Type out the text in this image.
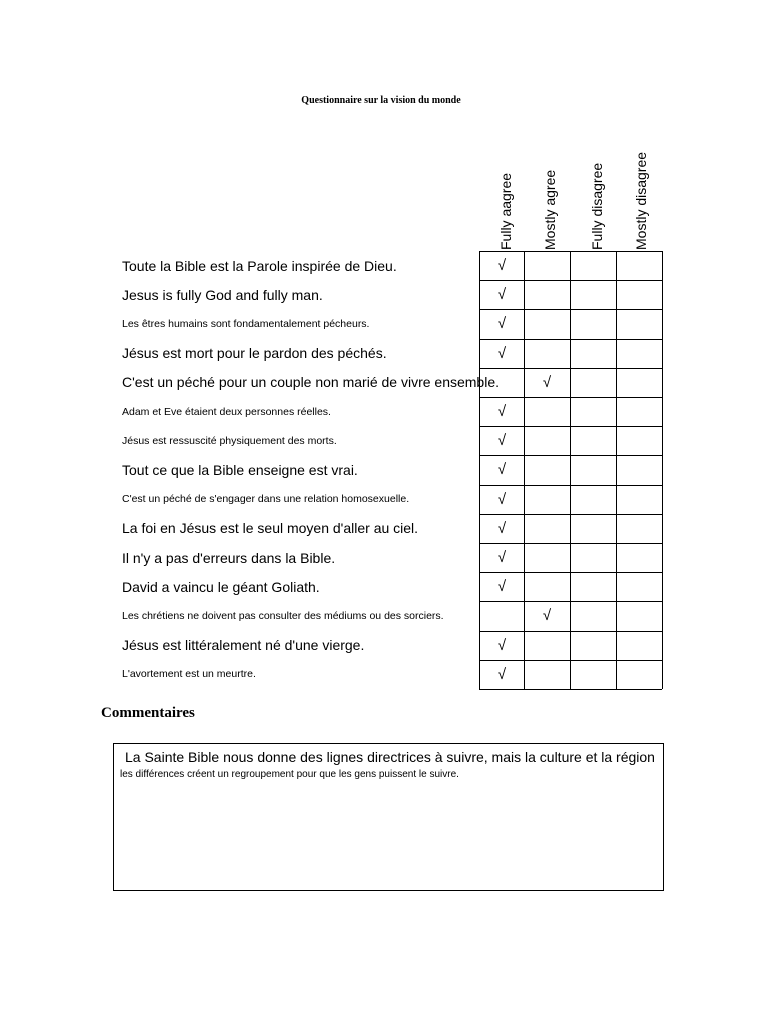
Questionnaire sur la vision du monde
Fully aagree Mostly agree Fully disagree Mostly disagree
Toute la Bible est la Parole inspirée de Dieu.
Jesus is fully God and fully man.
Les êtres humains sont fondamentalement pécheurs.
Jésus est mort pour le pardon des péchés.
C'est un péché pour un couple non marié de vivre ensemble.
Adam et Eve étaient deux personnes réelles.
Jésus est ressuscité physiquement des morts.
Tout ce que la Bible enseigne est vrai.
C'est un péché de s'engager dans une relation homosexuelle.
La foi en Jésus est le seul moyen d'aller au ciel.
Il n'y a pas d'erreurs dans la Bible.
David a vaincu le géant Goliath.
Les chrétiens ne doivent pas consulter des médiums ou des sorciers.
Jésus est littéralement né d'une vierge.
L'avortement est un meurtre.
√
√
√
√
√
√
√
√
√
√
√
√
√
√
√
Commentaires
La Sainte Bible nous donne des lignes directrices à suivre, mais la culture et la région
les différences créent un regroupement pour que les gens puissent le suivre.
